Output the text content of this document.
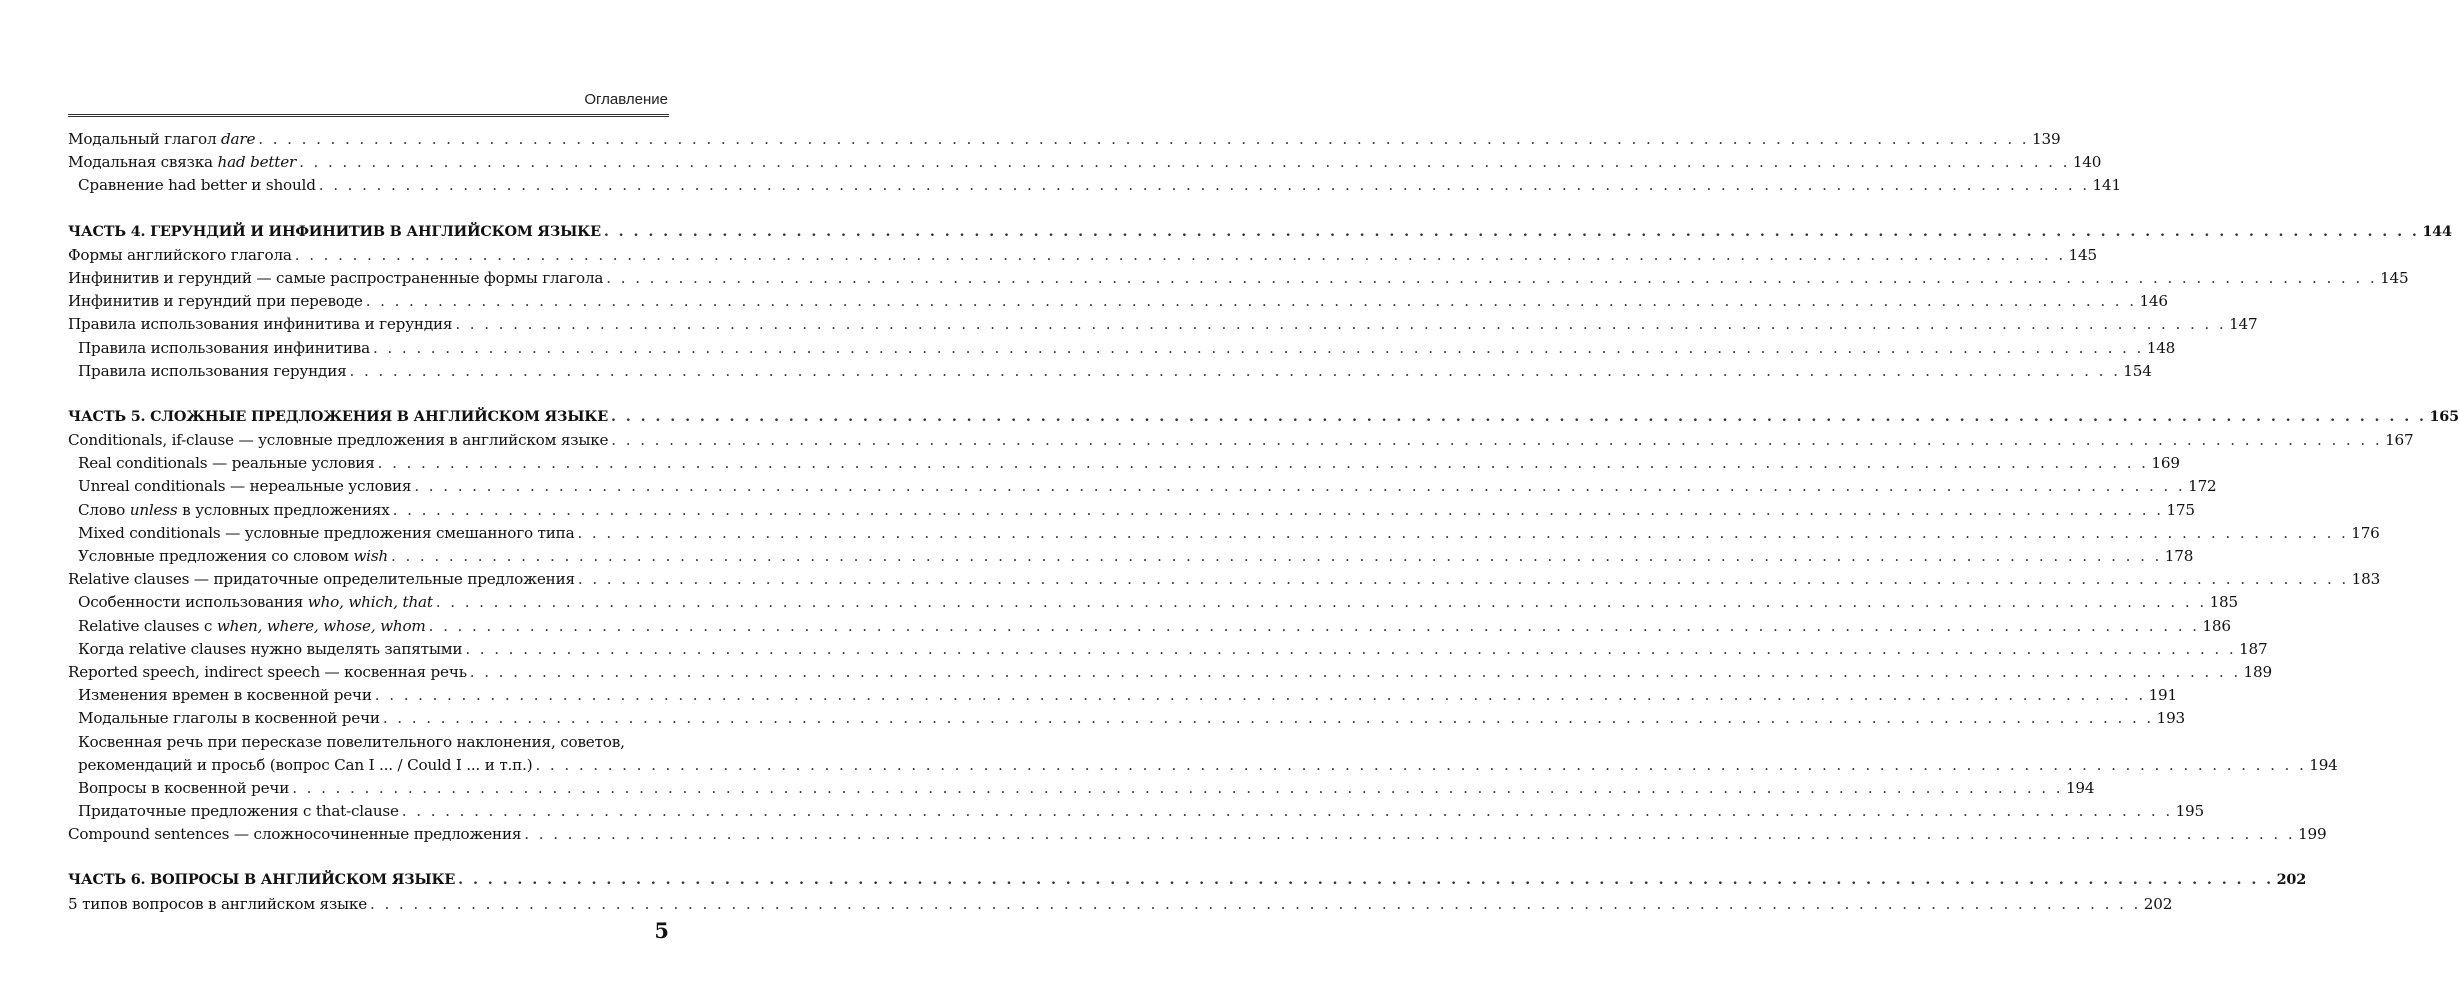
Оглавление
Модальный глагол dare . . .	139
Модальная связка had better . . .	140
Сравнение had better и should . . .	141
ЧАСТЬ 4. ГЕРУНДИЙ И ИНФИНИТИВ В АНГЛИЙСКОМ ЯЗЫКЕ . . .	144
Формы английского глагола . . .	145
Инфинитив и герундий — самые распространенные формы глагола . . .	145
Инфинитив и герундий при переводе . . .	146
Правила использования инфинитива и герундия . . .	147
Правила использования инфинитива . . .	148
Правила использования герундия . . .	154
ЧАСТЬ 5. СЛОЖНЫЕ ПРЕДЛОЖЕНИЯ В АНГЛИЙСКОМ ЯЗЫКЕ . . .	165
Conditionals, if-clause — условные предложения в английском языке . . .	167
Real conditionals — реальные условия . . .	169
Unreal conditionals — нереальные условия . . .	172
Слово unless в условных предложениях . . .	175
Mixed conditionals — условные предложения смешанного типа . . .	176
Условные предложения со словом wish . . .	178
Relative clauses — придаточные определительные предложения . . .	183
Особенности использования who, which, that . . .	185
Relative clauses с when, where, whose, whom . . .	186
Когда relative clauses нужно выделять запятыми . . .	187
Reported speech, indirect speech — косвенная речь . . .	189
Изменения времен в косвенной речи . . .	191
Модальные глаголы в косвенной речи . . .	193
Косвенная речь при пересказе повелительного наклонения, советов,
рекомендаций и просьб (вопрос Can I ... / Could I ... и т.п.) . . .	194
Вопросы в косвенной речи . . .	194
Придаточные предложения с that-clause . . .	195
Compound sentences — сложносочиненные предложения . . .	199
ЧАСТЬ 6. ВОПРОСЫ В АНГЛИЙСКОМ ЯЗЫКЕ . . .	202
5 типов вопросов в английском языке . . .	202
5
